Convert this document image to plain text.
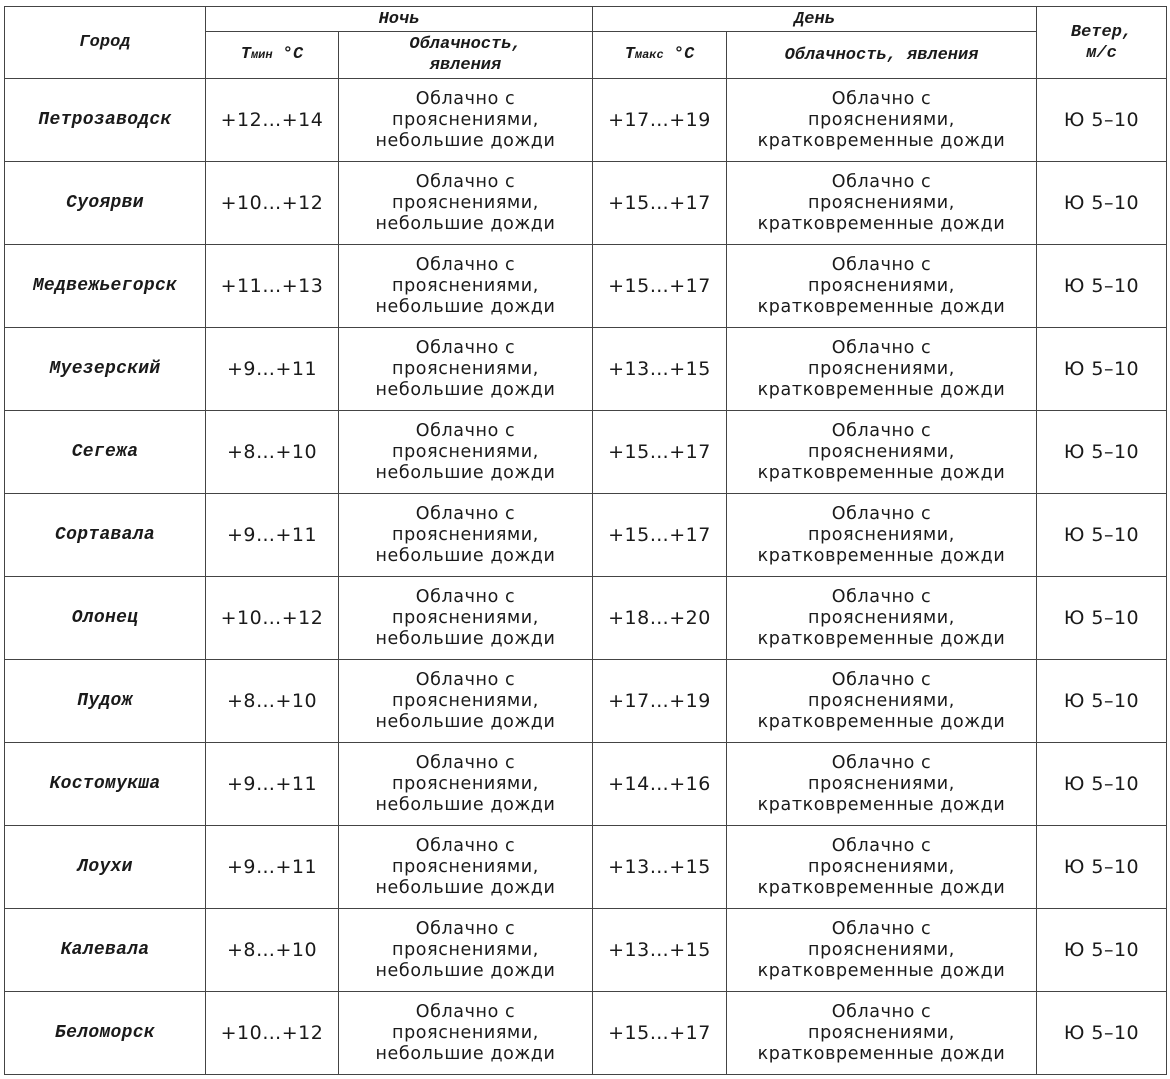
Город	Ночь		День		Ветер,
м/с
	Тмин °С	Облачность,
явления	Тмакс °С	Облачность, явления	
Петрозаводск	+12…+14	Облачно с
прояснениями,
небольшие дожди	+17…+19	Облачно с
прояснениями,
кратковременные дожди	Ю 5–10
Суоярви	+10…+12	Облачно с
прояснениями,
небольшие дожди	+15…+17	Облачно с
прояснениями,
кратковременные дожди	Ю 5–10
Медвежьегорск	+11…+13	Облачно с
прояснениями,
небольшие дожди	+15…+17	Облачно с
прояснениями,
кратковременные дожди	Ю 5–10
Муезерский	+9…+11	Облачно с
прояснениями,
небольшие дожди	+13…+15	Облачно с
прояснениями,
кратковременные дожди	Ю 5–10
Сегежа	+8…+10	Облачно с
прояснениями,
небольшие дожди	+15…+17	Облачно с
прояснениями,
кратковременные дожди	Ю 5–10
Сортавала	+9…+11	Облачно с
прояснениями,
небольшие дожди	+15…+17	Облачно с
прояснениями,
кратковременные дожди	Ю 5–10
Олонец	+10…+12	Облачно с
прояснениями,
небольшие дожди	+18…+20	Облачно с
прояснениями,
кратковременные дожди	Ю 5–10
Пудож	+8…+10	Облачно с
прояснениями,
небольшие дожди	+17…+19	Облачно с
прояснениями,
кратковременные дожди	Ю 5–10
Костомукша	+9…+11	Облачно с
прояснениями,
небольшие дожди	+14…+16	Облачно с
прояснениями,
кратковременные дожди	Ю 5–10
Лоухи	+9…+11	Облачно с
прояснениями,
небольшие дожди	+13…+15	Облачно с
прояснениями,
кратковременные дожди	Ю 5–10
Калевала	+8…+10	Облачно с
прояснениями,
небольшие дожди	+13…+15	Облачно с
прояснениями,
кратковременные дожди	Ю 5–10
Беломорск	+10…+12	Облачно с
прояснениями,
небольшие дожди	+15…+17	Облачно с
прояснениями,
кратковременные дожди	Ю 5–10
